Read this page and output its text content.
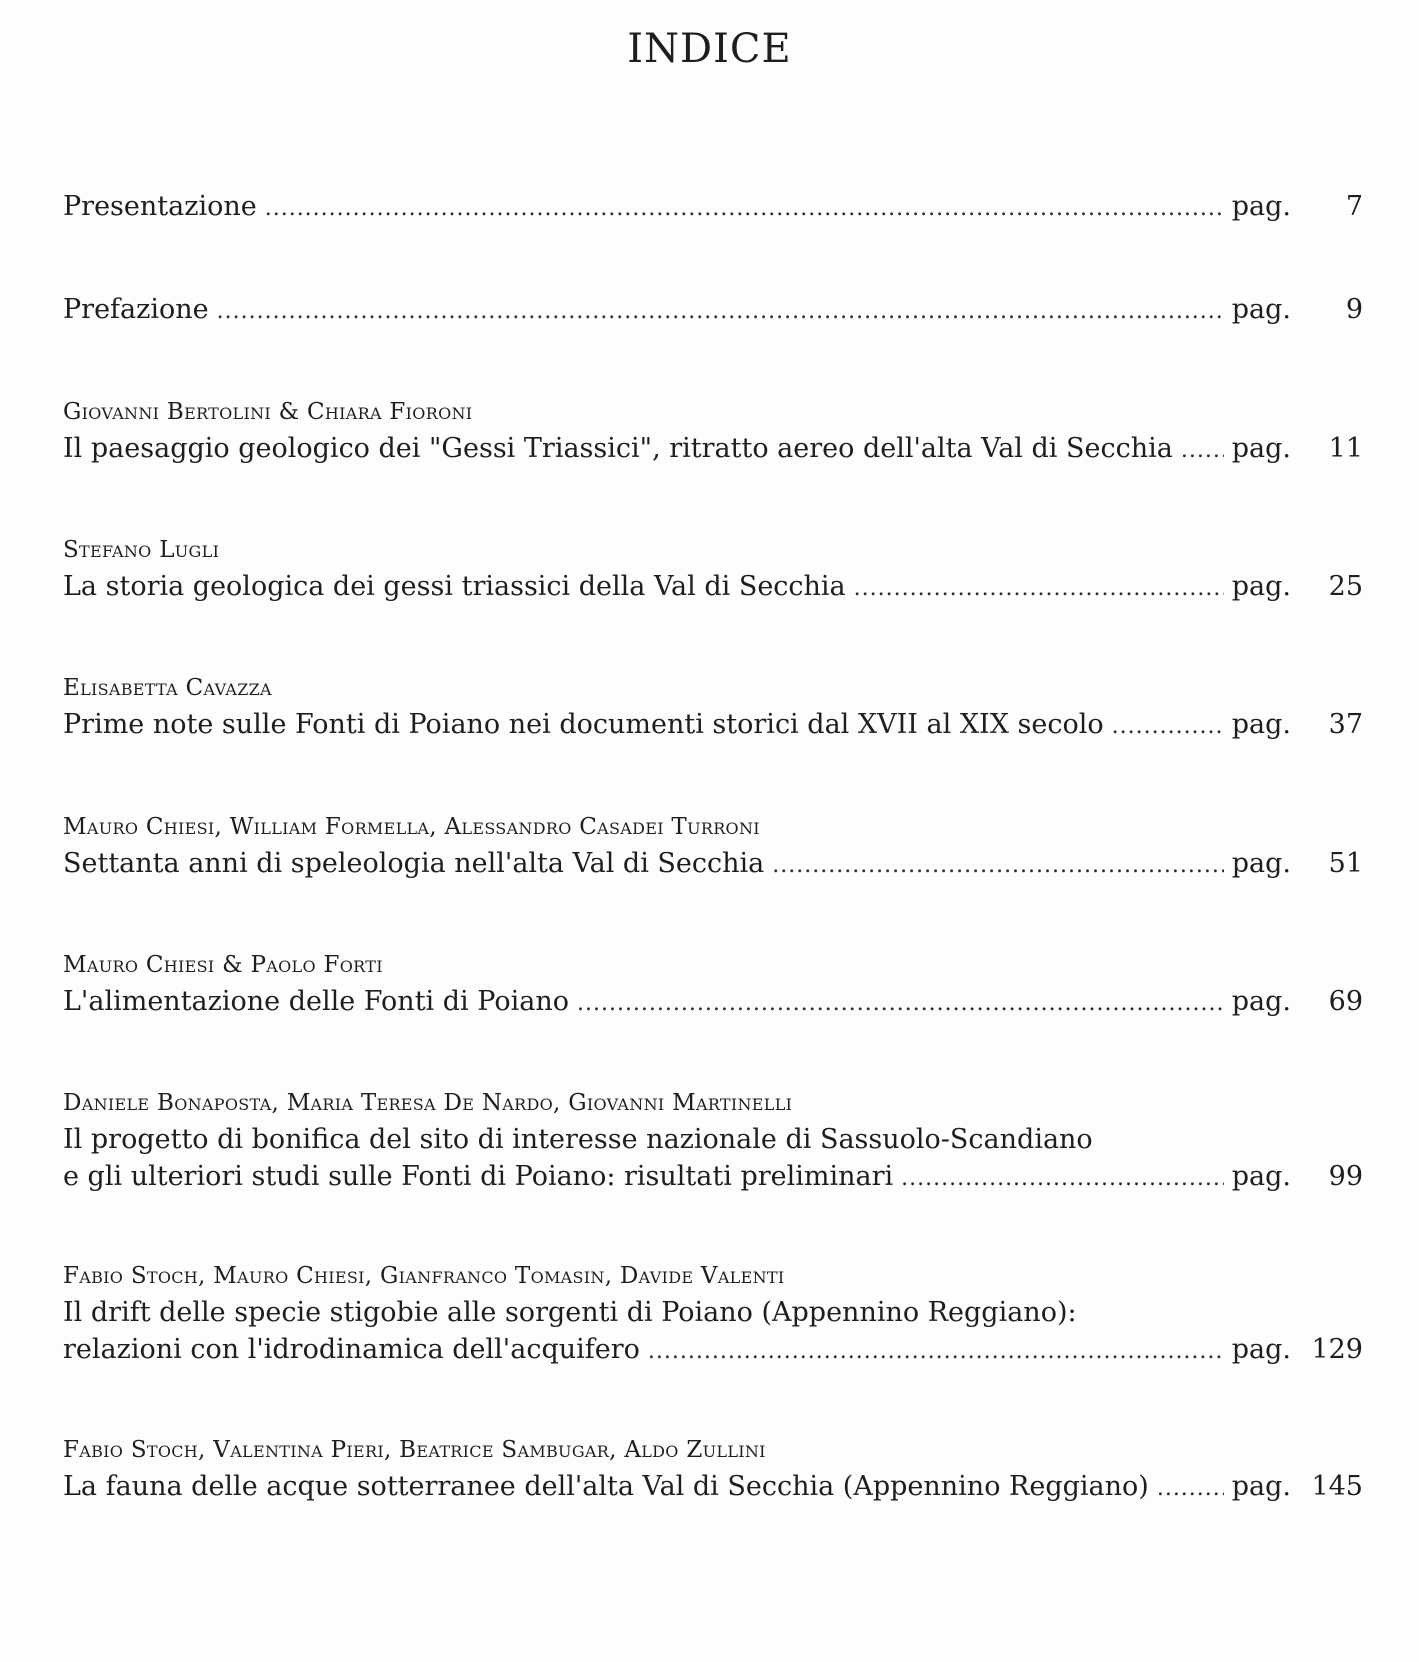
INDICE
Presentazione .....	pag.	7
Prefazione .....	pag.	9
Giovanni Bertolini & Chiara Fioroni
Il paesaggio geologico dei "Gessi Triassici", ritratto aereo dell'alta Val di Secchia ..... pag.	11
Stefano Lugli
La storia geologica dei gessi triassici della Val di Secchia .....	pag.	25
Elisabetta Cavazza
Prime note sulle Fonti di Poiano nei documenti storici dal XVII al XIX secolo .....	pag.	37
Mauro Chiesi, William Formella, Alessandro Casadei Turroni
Settanta anni di speleologia nell'alta Val di Secchia .....	pag.	51
Mauro Chiesi & Paolo Forti
L'alimentazione delle Fonti di Poiano .....	pag.	69
Daniele Bonaposta, Maria Teresa De Nardo, Giovanni Martinelli
Il progetto di bonifica del sito di interesse nazionale di Sassuolo-Scandiano
e gli ulteriori studi sulle Fonti di Poiano: risultati preliminari .....	pag.	99
Fabio Stoch, Mauro Chiesi, Gianfranco Tomasin, Davide Valenti
Il drift delle specie stigobie alle sorgenti di Poiano (Appennino Reggiano):
relazioni con l'idrodinamica dell'acquifero .....	pag. 129
Fabio Stoch, Valentina Pieri, Beatrice Sambugar, Aldo Zullini
La fauna delle acque sotterranee dell'alta Val di Secchia (Appennino Reggiano) .....	pag. 145
